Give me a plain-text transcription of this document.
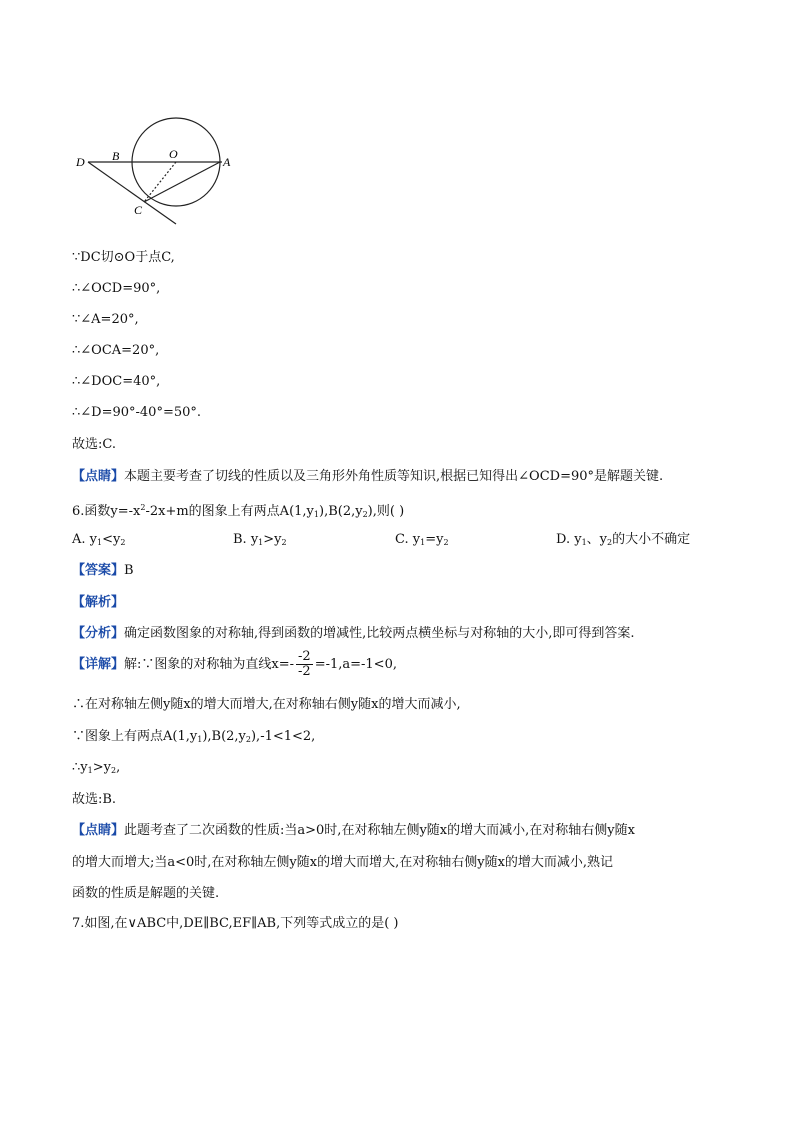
D B	O
A
C
∵DC切⊙O于点C,
∴∠OCD=90°,
∵∠A=20°,
∴∠OCA=20°,
∴∠DOC=40°,
∴∠D=90°-40°=50°.
故选:C.
【点睛】本题主要考查了切线的性质以及三角形外角性质等知识,根据已知得出∠OCD=90°是解题关键.
6.函数$y=-x^2-2x+m$的图象上有两点$A(1,y_1),B(2,y_2)$,则( )
A. $y_1<y_2$	B. $y_1>y_2$	C. $y_1=y_2$	D. $y_1$、$y_2$的大小不确定
【答案】B
【解析】
【分析】确定函数图象的对称轴,得到函数的增减性,比较两点横坐标与对称轴的大小,即可得到答案.
【详解】解:∵图象的对称轴为直线$x=- \frac{-2}{-2} =-1,a=-1<0$,
∴在对称轴左侧y随x的增大而增大,在对称轴右侧y随x的增大而减小,
∵图象上有两点$A(1,y_1),B(2,y_2),-1<1<2$,
$\therefore y_1>y_2$,
故选:B.
【点睛】此题考查了二次函数的性质:当a>0时,在对称轴左侧y随x的增大而减小,在对称轴右侧y随x
的增大而增大;当a<0时,在对称轴左侧y随x的增大而增大,在对称轴右侧y随x的增大而减小,熟记
函数的性质是解题的关键.
7.如图,在∨ABC中,DE∥BC,EF∥AB,下列等式成立的是( )
